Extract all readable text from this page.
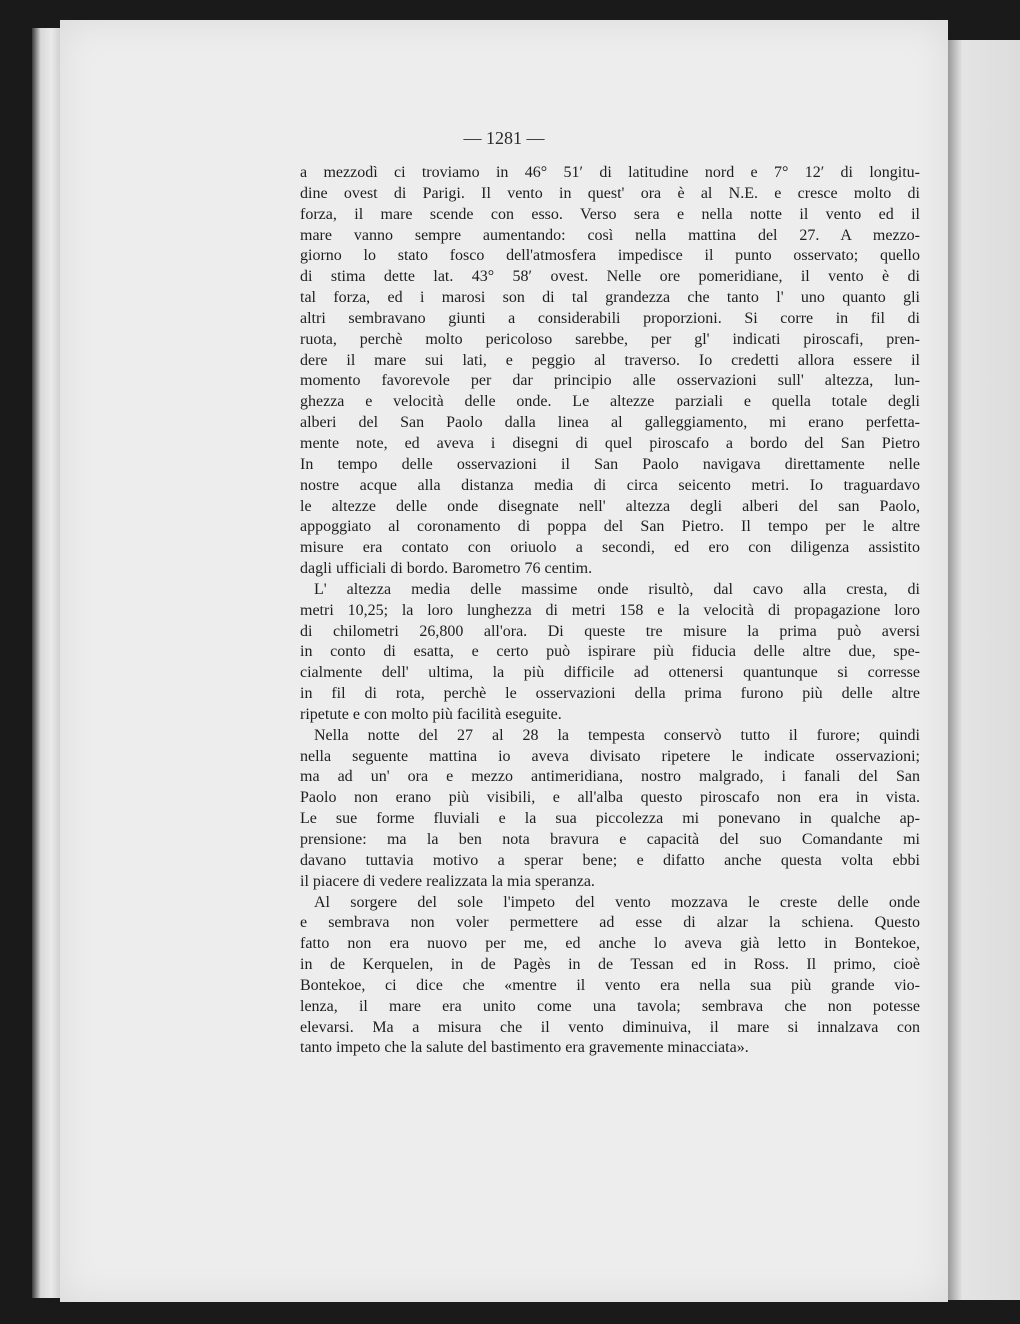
— 1281 —
a mezzodì ci troviamo in 46° 51′ di latitudine nord e 7° 12′ di longitu-
dine ovest di Parigi. Il vento in quest' ora è al N.E. e cresce molto di
forza, il mare scende con esso. Verso sera e nella notte il vento ed il
mare vanno sempre aumentando: così nella mattina del 27. A mezzo-
giorno lo stato fosco dell'atmosfera impedisce il punto osservato; quello
di stima dette lat. 43° 58′ ovest. Nelle ore pomeridiane, il vento è di
tal forza, ed i marosi son di tal grandezza che tanto l' uno quanto gli
altri sembravano giunti a considerabili proporzioni. Si corre in fil di
ruota, perchè molto pericoloso sarebbe, per gl' indicati piroscafi, pren-
dere il mare sui lati, e peggio al traverso. Io credetti allora essere il
momento favorevole per dar principio alle osservazioni sull' altezza, lun-
ghezza e velocità delle onde. Le altezze parziali e quella totale degli
alberi del San Paolo dalla linea al galleggiamento, mi erano perfetta-
mente note, ed aveva i disegni di quel piroscafo a bordo del San Pietro
In tempo delle osservazioni il San Paolo navigava direttamente nelle
nostre acque alla distanza media di circa seicento metri. Io traguardavo
le altezze delle onde disegnate nell' altezza degli alberi del san Paolo,
appoggiato al coronamento di poppa del San Pietro. Il tempo per le altre
misure era contato con oriuolo a secondi, ed ero con diligenza assistito
dagli ufficiali di bordo. Barometro 76 centim.
L' altezza media delle massime onde risultò, dal cavo alla cresta, di
metri 10,25; la loro lunghezza di metri 158 e la velocità di propagazione loro
di chilometri 26,800 all'ora. Di queste tre misure la prima può aversi
in conto di esatta, e certo può ispirare più fiducia delle altre due, spe-
cialmente dell' ultima, la più difficile ad ottenersi quantunque si corresse
in fil di rota, perchè le osservazioni della prima furono più delle altre
ripetute e con molto più facilità eseguite.
Nella notte del 27 al 28 la tempesta conservò tutto il furore; quindi
nella seguente mattina io aveva divisato ripetere le indicate osservazioni;
ma ad un' ora e mezzo antimeridiana, nostro malgrado, i fanali del San
Paolo non erano più visibili, e all'alba questo piroscafo non era in vista.
Le sue forme fluviali e la sua piccolezza mi ponevano in qualche ap-
prensione: ma la ben nota bravura e capacità del suo Comandante mi
davano tuttavia motivo a sperar bene; e difatto anche questa volta ebbi
il piacere di vedere realizzata la mia speranza.
Al sorgere del sole l'impeto del vento mozzava le creste delle onde
e sembrava non voler permettere ad esse di alzar la schiena. Questo
fatto non era nuovo per me, ed anche lo aveva già letto in Bontekoe,
in de Kerquelen, in de Pagès in de Tessan ed in Ross. Il primo, cioè
Bontekoe, ci dice che «mentre il vento era nella sua più grande vio-
lenza, il mare era unito come una tavola; sembrava che non potesse
elevarsi. Ma a misura che il vento diminuiva, il mare si innalzava con
tanto impeto che la salute del bastimento era gravemente minacciata».
